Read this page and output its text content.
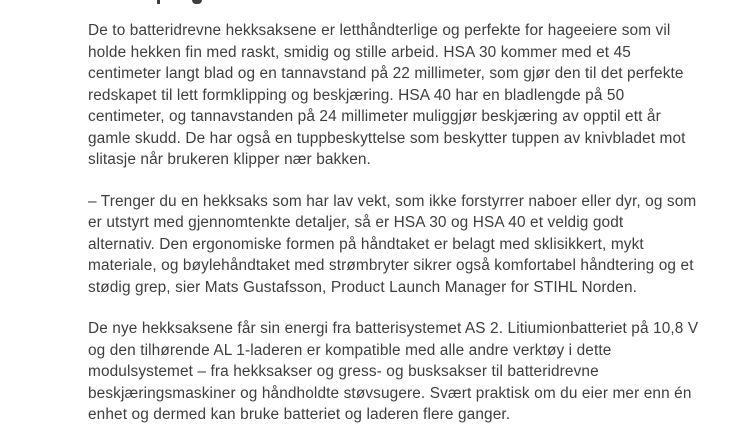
De to batteridrevne hekksaksene er letthåndterlige og perfekte for hageeiere som vil
holde hekken fin med raskt, smidig og stille arbeid. HSA 30 kommer med et 45
centimeter langt blad og en tannavstand på 22 millimeter, som gjør den til det perfekte
redskapet til lett formklipping og beskjæring. HSA 40 har en bladlengde på 50
centimeter, og tannavstanden på 24 millimeter muliggjør beskjæring av opptil ett år
gamle skudd. De har også en tuppbeskyttelse som beskytter tuppen av knivbladet mot
slitasje når brukeren klipper nær bakken.
– Trenger du en hekksaks som har lav vekt, som ikke forstyrrer naboer eller dyr, og som
er utstyrt med gjennomtenkte detaljer, så er HSA 30 og HSA 40 et veldig godt
alternativ. Den ergonomiske formen på håndtaket er belagt med sklisikkert, mykt
materiale, og bøylehåndtaket med strømbryter sikrer også komfortabel håndtering og et
stødig grep, sier Mats Gustafsson, Product Launch Manager for STIHL Norden.
De nye hekksaksene får sin energi fra batterisystemet AS 2. Litiumionbatteriet på 10,8 V
og den tilhørende AL 1-laderen er kompatible med alle andre verktøy i dette
modulsystemet – fra hekksakser og gress- og busksakser til batteridrevne
beskjæringsmaskiner og håndholdte støvsugere. Svært praktisk om du eier mer enn én
enhet og dermed kan bruke batteriet og laderen flere ganger.
